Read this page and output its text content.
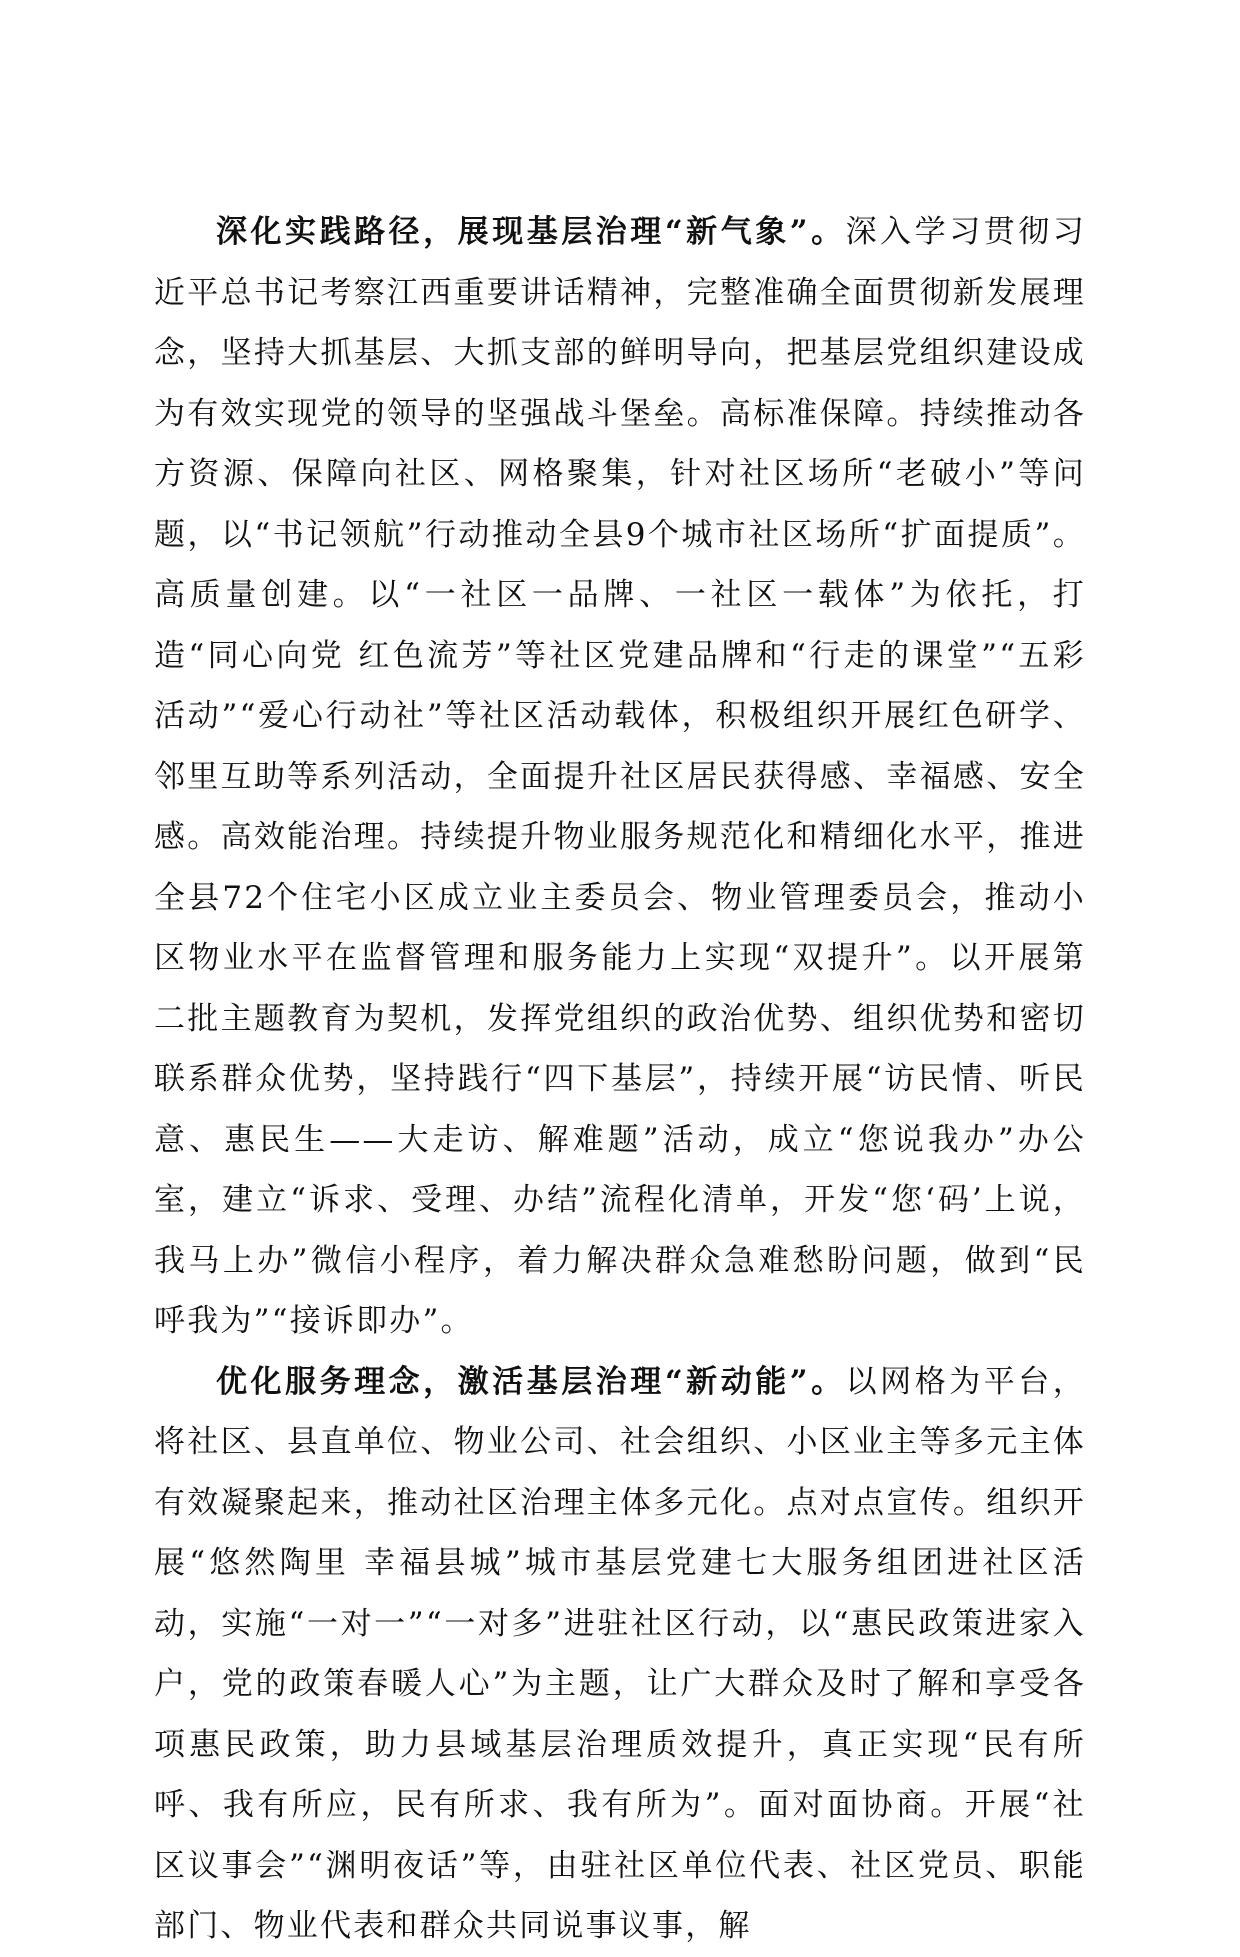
深化实践路径，展现基层治理“新气象”。深入学习贯彻习近平总书记考察江西重要讲话精神，完整准确全面贯彻新发展理念，坚持大抓基层、大抓支部的鲜明导向，把基层党组织建设成为有效实现党的领导的坚强战斗堡垒。高标准保障。持续推动各方资源、保障向社区、网格聚集，针对社区场所“老破小”等问题，以“书记领航”行动推动全县9个城市社区场所“扩面提质”。高质量创建。以“一社区一品牌、一社区一载体”为依托，打造“同心向党 红色流芳”等社区党建品牌和“行走的课堂”“五彩活动”“爱心行动社”等社区活动载体，积极组织开展红色研学、邻里互助等系列活动，全面提升社区居民获得感、幸福感、安全感。高效能治理。持续提升物业服务规范化和精细化水平，推进全县72个住宅小区成立业主委员会、物业管理委员会，推动小区物业水平在监督管理和服务能力上实现“双提升”。以开展第二批主题教育为契机，发挥党组织的政治优势、组织优势和密切联系群众优势，坚持践行“四下基层”，持续开展“访民情、听民意、惠民生——大走访、解难题”活动，成立“您说我办”办公室，建立“诉求、受理、办结”流程化清单，开发“您‘码’上说，我马上办”微信小程序，着力解决群众急难愁盼问题，做到“民呼我为”“接诉即办”。

优化服务理念，激活基层治理“新动能”。以网格为平台，将社区、县直单位、物业公司、社会组织、小区业主等多元主体有效凝聚起来，推动社区治理主体多元化。点对点宣传。组织开展“悠然陶里 幸福县城”城市基层党建七大服务组团进社区活动，实施“一对一”“一对多”进驻社区行动，以“惠民政策进家入户，党的政策春暖人心”为主题，让广大群众及时了解和享受各项惠民政策，助力县域基层治理质效提升，真正实现“民有所呼、我有所应，民有所求、我有所为”。面对面协商。开展“社区议事会”“渊明夜话”等，由驻社区单位代表、社区党员、职能部门、物业代表和群众共同说事议事，解
